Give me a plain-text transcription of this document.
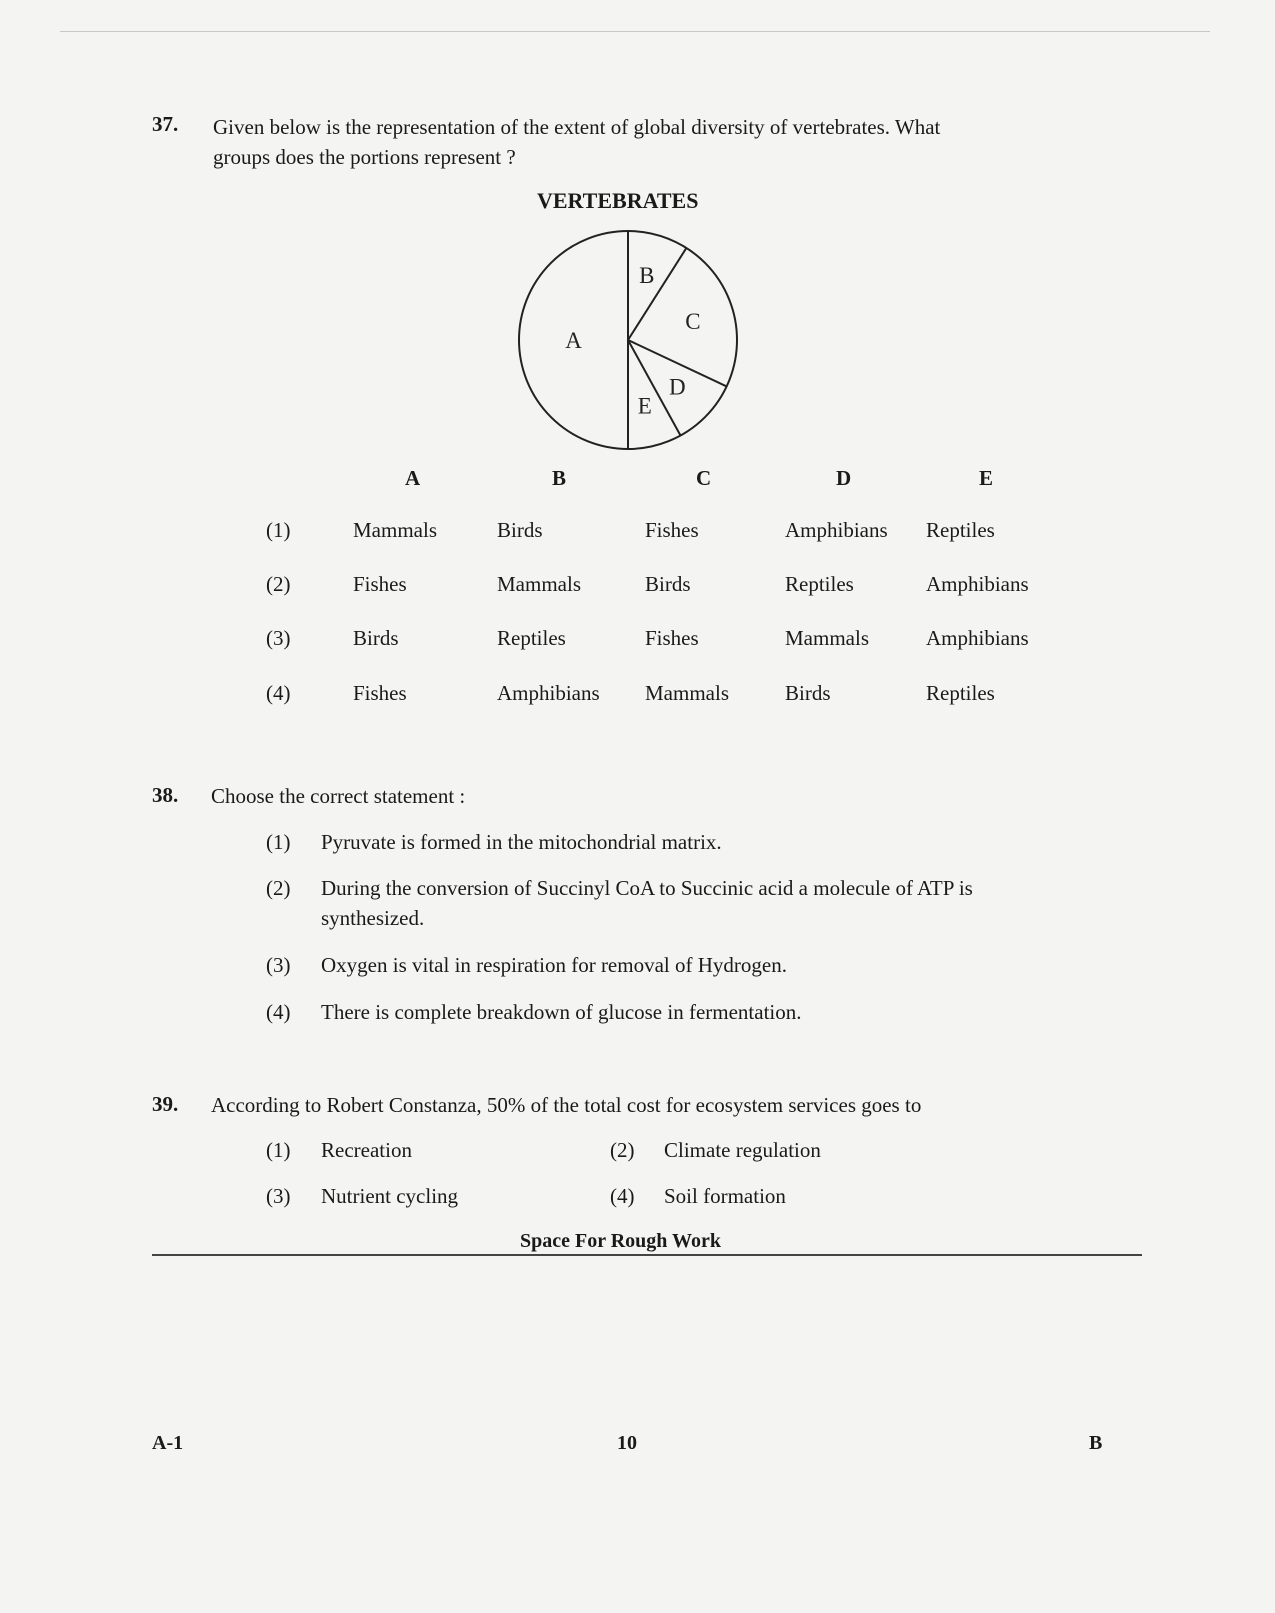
37. Given below is the representation of the extent of global diversity of vertebrates. What
groups does the portions represent ?
VERTEBRATES
A
B
C
D
E
A	B	C	D	E
(1)	Mammals	Birds	Fishes	Amphibians Reptiles
(2)	Fishes	Mammals	Birds	Reptiles	Amphibians
(3)	Birds	Reptiles	Fishes	Mammals	Amphibians
(4)	Fishes	Amphibians Mammals	Birds	Reptiles
38. Choose the correct statement :
(1) Pyruvate is formed in the mitochondrial matrix.
(2) During the conversion of Succinyl CoA to Succinic acid a molecule of ATP is
synthesized.
(3) Oxygen is vital in respiration for removal of Hydrogen.
(4) There is complete breakdown of glucose in fermentation.
39. According to Robert Constanza, 50% of the total cost for ecosystem services goes to
(1) Recreation	(2) Climate regulation
(3) Nutrient cycling	(4) Soil formation
Space For Rough Work
A-1	10	B
